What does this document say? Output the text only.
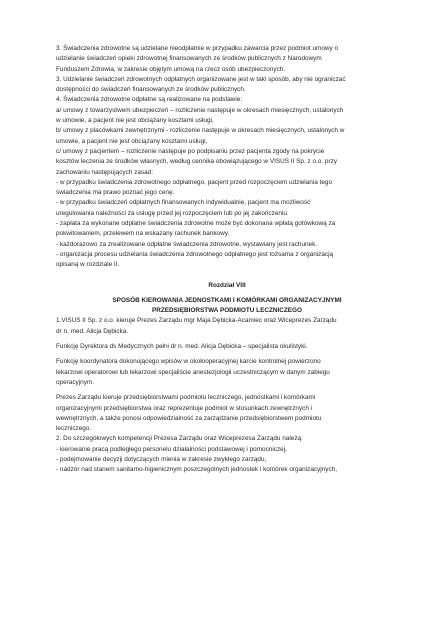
3. Świadczenia zdrowotne są udzielane nieodpłatnie w przypadku zawarcia przez podmiot umowy o

udzielanie świadczeń opieki zdrowotnej finansowanych ze środków publicznych z Narodowym

Funduszem Zdrowia, w zakresie objętym umową na rzecz osób ubezpieczonych.

3. Udzielanie świadczeń zdrowotnych odpłatnych organizowane jest w taki sposób, aby nie ograniczać

dostępności do świadczeń finansowanych ze środków publicznych.

4. Świadczenia zdrowotne odpłatne są realizowane na podstawie:

a/ umowy z towarzystwem ubezpieczeń – rozliczenie następuje w okresach miesięcznych, ustalonych

w umowie, a pacjent nie jest obciążany kosztami usługi,

b/ umowy z placówkami zewnętrznymi - rozliczenie następuje w okresach miesięcznych, ustalonych w

umowie, a pacjent nie jest obciążany kosztami usługi,

c/ umowy z pacjentem – rozliczenie następuje po podpisaniu przez pacjenta zgody na pokrycie

kosztów leczenia ze środków własnych, według cennika obowiązującego w VISUS II Sp. z o.o. przy

zachowaniu następujących zasad:

- w przypadku świadczenia zdrowotnego odpłatnego, pacjent przed rozpoczęciem udzielania tego

świadczenia ma prawo poznać jego cenę.

- w przypadku świadczeń odpłatnych finansowanych indywidualnie, pacjent ma możliwość

uregulowania należności za usługę przed jej rozpoczęciem lub po jej zakończeniu.

- zapłata za wykonane odpłatne świadczenia zdrowotne może być dokonana wpłatą gotówkową za

pokwitowaniem, przelewem na wskazany rachunek bankowy.

- każdorazowo za zrealizowane odpłatne świadczenia zdrowotne, wystawiany jest rachunek.

- organizacja procesu udzielania świadczenia zdrowotnego odpłatnego jest tożsama z organizacją

opisaną w rozdziale II.

Rozdział VIII

SPOSÓB KIEROWANIA JEDNOSTKAMI I KOMÓRKAMI ORGANIZACYJNYMI

PRZEDSIĘBIORSTWA PODMIOTU LECZNICZEGO

1.VISUS II Sp. z o.o. kieruje Prezes Zarządu mgr Maja Dębicka-Acamiec oraz Wiceprezes Zarządu

dr n. med. Alicja Dębicka.

Funkcję Dyrektora ds Medycznych pełni dr n. med. Alicja Dębicka – specjalista okulistyki.

Funkcję koordynatora dokonującego wpisów w okołooperacyjnej karcie kontrolnej powierzono

lekarzowi operatorowi lub lekarzowi specjaliście anestezjologii uczestniczącym w danym zabiegu

operacyjnym.

Prezes Zarządu kieruje przedsiębiorstwami podmiotu leczniczego, jednostkami i komórkami

organizacyjnymi przedsiębiorstwa oraz reprezentuje podmiot w stosunkach zewnętrznych i

wewnętrznych, a także ponosi odpowiedzialność za zarządzanie przedsiębiorstwem podmiotu

leczniczego.

2. Do szczegółowych kompetencji Prezesa Zarządu oraz Wiceprezesa Zarządu należą:

- kierowanie pracą podległego personelu działalności podstawowej i pomocniczej,

- podejmowanie decyzji dotyczących mienia w zakresie zwykłego zarządu,

- nadzór nad stanem sanitarno-higienicznym poszczególnych jednostek i komórek organizacyjnych,
